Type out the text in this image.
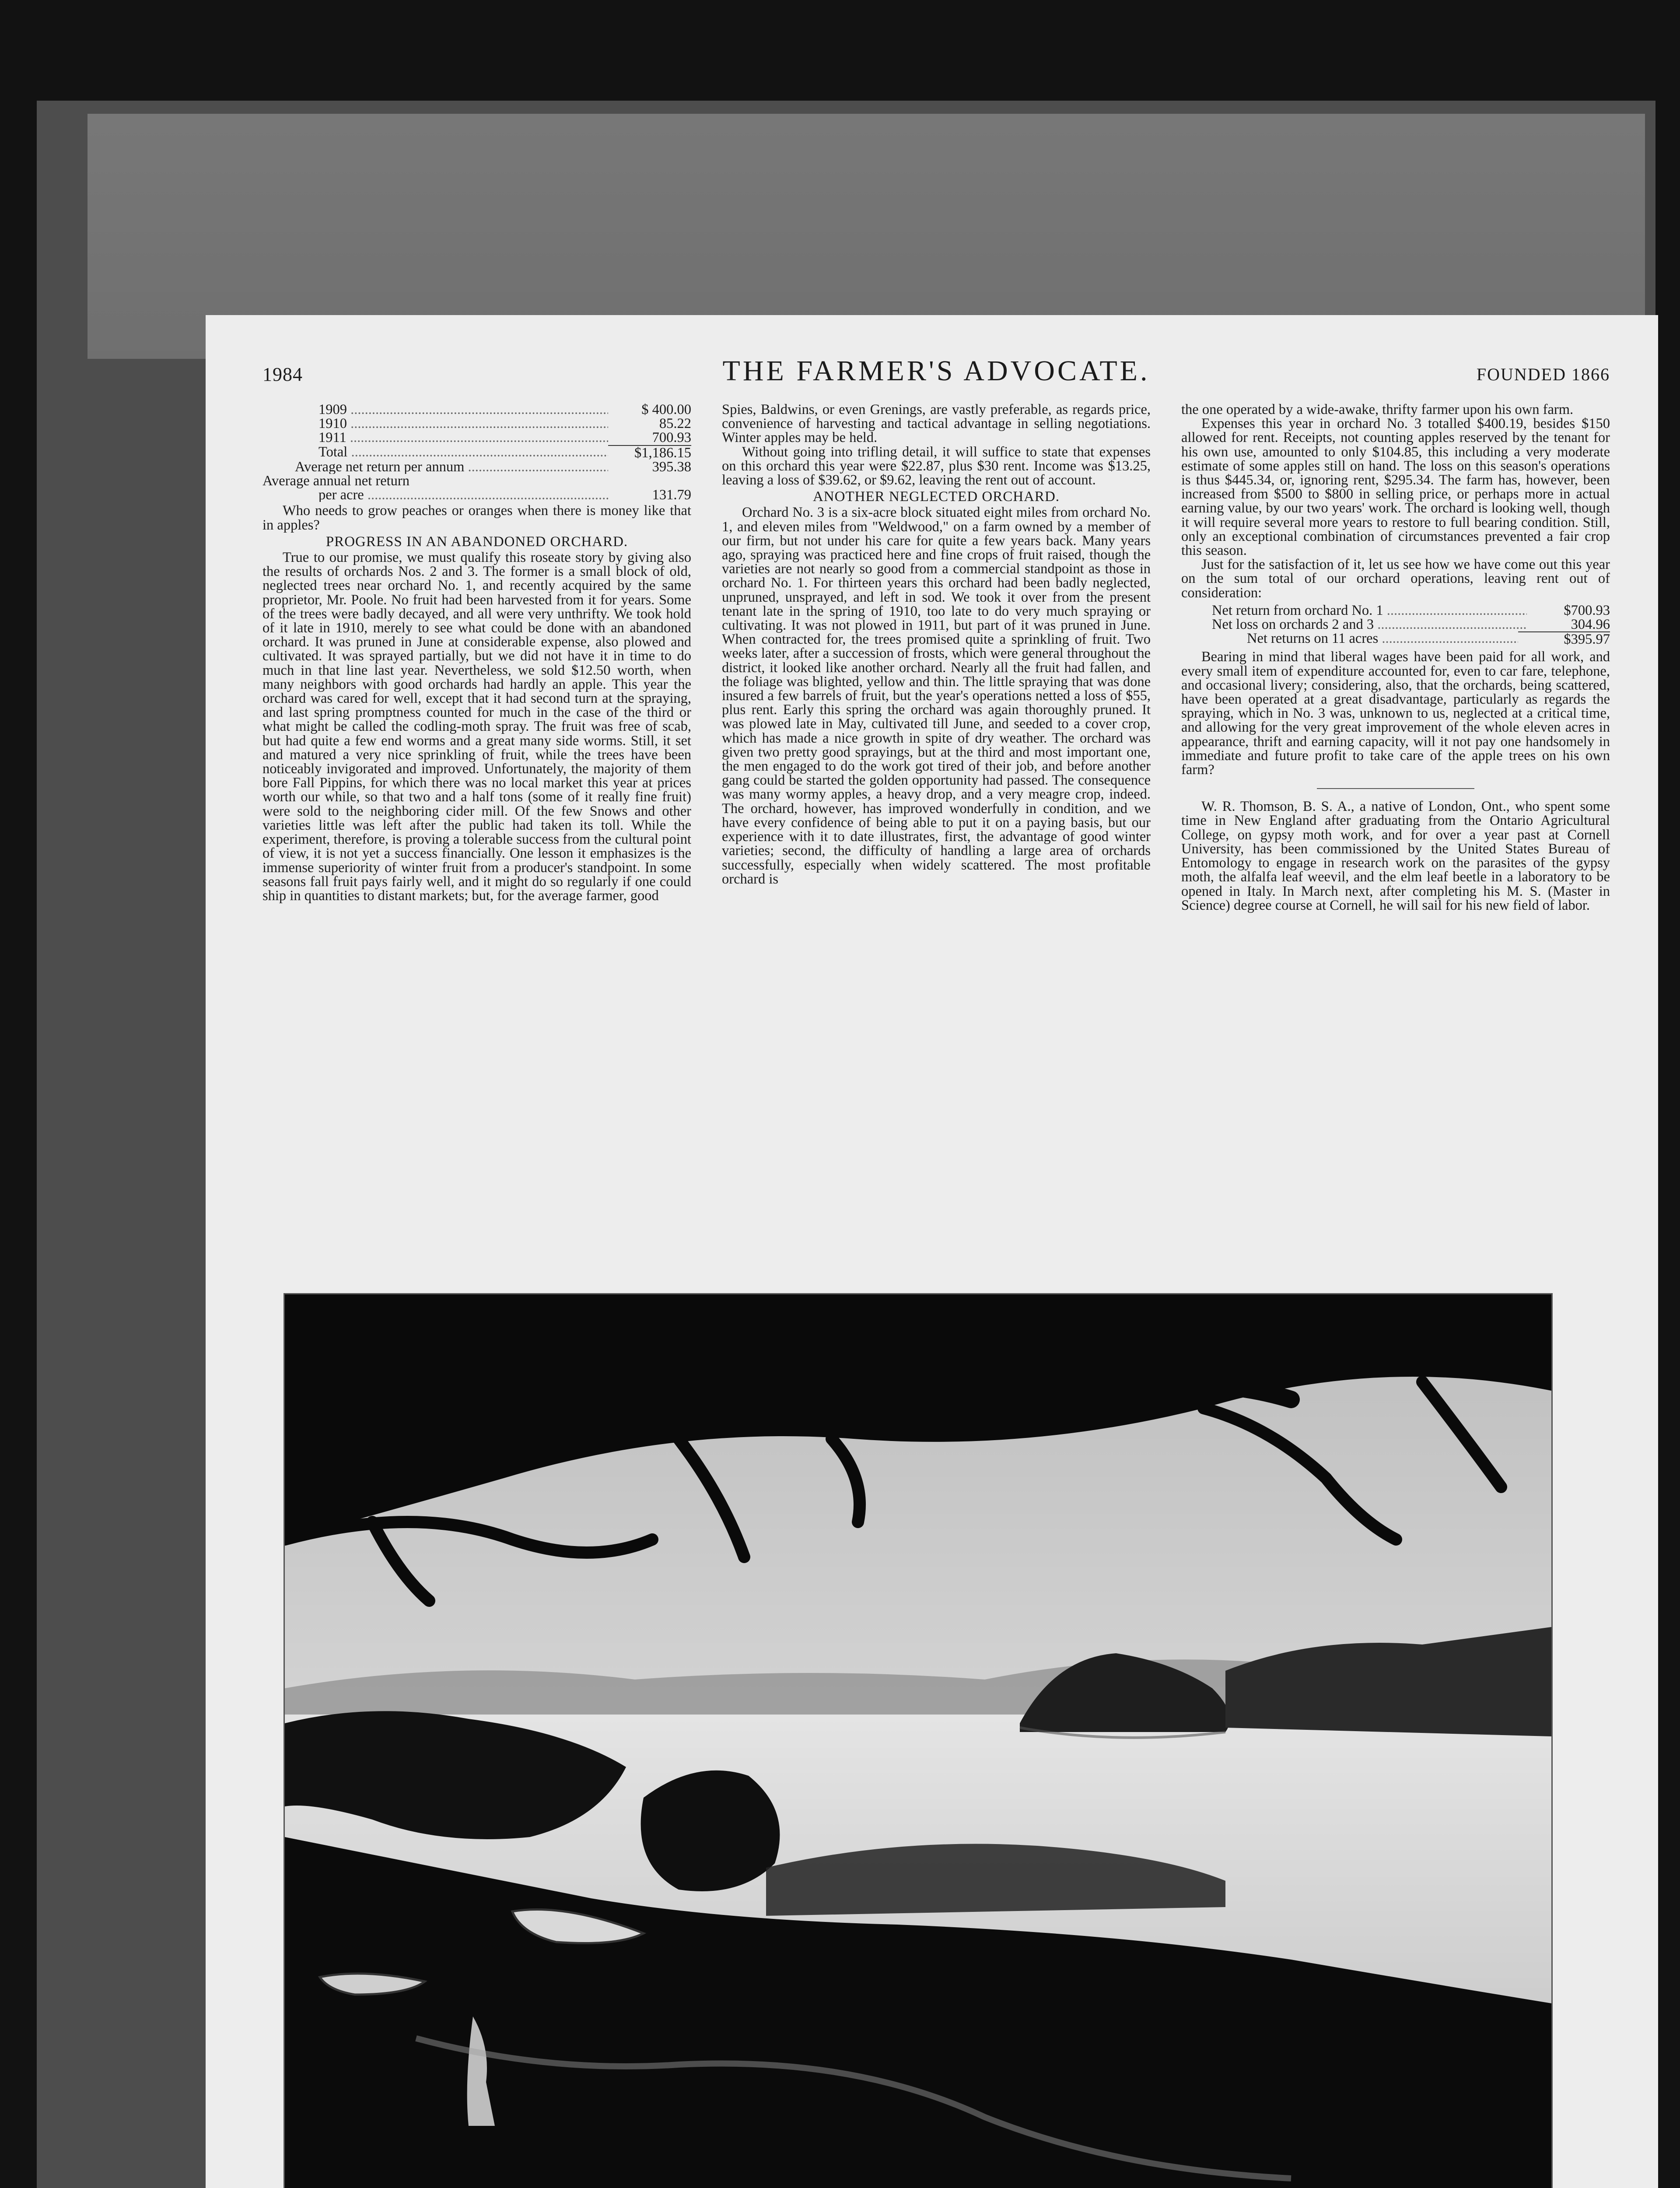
1984	THE FARMER'S ADVOCATE.	FOUNDED 1866
1909 .....	$ 400.00
1910 .....	85.22
1911 .....	700.93
Total .....	$1,186.15
Average net return per annum .....	395.38
Average annual net return
per acre .....	131.79

Who needs to grow peaches or oranges when there is money like that in apples?

PROGRESS IN AN ABANDONED ORCHARD.

True to our promise, we must qualify this roseate story by giving also the results of orchards Nos. 2 and 3. The former is a small block of old, neglected trees near orchard No. 1, and recently acquired by the same proprietor, Mr. Poole. No fruit had been harvested from it for years. Some of the trees were badly decayed, and all were very unthrifty. We took hold of it late in 1910, merely to see what could be done with an abandoned orchard. It was pruned in June at considerable expense, also plowed and cultivated. It was sprayed partially, but we did not have it in time to do much in that line last year. Nevertheless, we sold $12.50 worth, when many neighbors with good orchards had hardly an apple. This year the orchard was cared for well, except that it had second turn at the spraying, and last spring promptness counted for much in the case of the third or what might be called the codling-moth spray. The fruit was free of scab, but had quite a few end worms and a great many side worms. Still, it set and matured a very nice sprinkling of fruit, while the trees have been noticeably invigorated and improved. Unfortunately, the majority of them bore Fall Pippins, for which there was no local market this year at prices worth our while, so that two and a half tons (some of it really fine fruit) were sold to the neighboring cider mill. Of the few Snows and other varieties little was left after the public had taken its toll. While the experiment, therefore, is proving a tolerable success from the cultural point of view, it is not yet a success financially. One lesson it emphasizes is the immense superiority of winter fruit from a producer's standpoint. In some seasons fall fruit pays fairly well, and it might do so regularly if one could ship in quantities to distant markets; but, for the average farmer, good

Spies, Baldwins, or even Grenings, are vastly preferable, as regards price, convenience of harvesting and tactical advantage in selling negotiations. Winter apples may be held.

Without going into trifling detail, it will suffice to state that expenses on this orchard this year were $22.87, plus $30 rent. Income was $13.25, leaving a loss of $39.62, or $9.62, leaving the rent out of account.

ANOTHER NEGLECTED ORCHARD.

Orchard No. 3 is a six-acre block situated eight miles from orchard No. 1, and eleven miles from "Weldwood," on a farm owned by a member of our firm, but not under his care for quite a few years back. Many years ago, spraying was practiced here and fine crops of fruit raised, though the varieties are not nearly so good from a commercial standpoint as those in orchard No. 1. For thirteen years this orchard had been badly neglected, unpruned, unsprayed, and left in sod. We took it over from the present tenant late in the spring of 1910, too late to do very much spraying or cultivating. It was not plowed in 1911, but part of it was pruned in June. When contracted for, the trees promised quite a sprinkling of fruit. Two weeks later, after a succession of frosts, which were general throughout the district, it looked like another orchard. Nearly all the fruit had fallen, and the foliage was blighted, yellow and thin. The little spraying that was done insured a few barrels of fruit, but the year's operations netted a loss of $55, plus rent. Early this spring the orchard was again thoroughly pruned. It was plowed late in May, cultivated till June, and seeded to a cover crop, which has made a nice growth in spite of dry weather. The orchard was given two pretty good sprayings, but at the third and most important one, the men engaged to do the work got tired of their job, and before another gang could be started the golden opportunity had passed. The consequence was many wormy apples, a heavy drop, and a very meagre crop, indeed. The orchard, however, has improved wonderfully in condition, and we have every confidence of being able to put it on a paying basis, but our experience with it to date illustrates, first, the advantage of good winter varieties; second, the difficulty of handling a large area of orchards successfully, especially when widely scattered. The most profitable orchard is

the one operated by a wide-awake, thrifty farmer upon his own farm.

Expenses this year in orchard No. 3 totalled $400.19, besides $150 allowed for rent. Receipts, not counting apples reserved by the tenant for his own use, amounted to only $104.85, this including a very moderate estimate of some apples still on hand. The loss on this season's operations is thus $445.34, or, ignoring rent, $295.34. The farm has, however, been increased from $500 to $800 in selling price, or perhaps more in actual earning value, by our two years' work. The orchard is looking well, though it will require several more years to restore to full bearing condition. Still, only an exceptional combination of circumstances prevented a fair crop this season.

Just for the satisfaction of it, let us see how we have come out this year on the sum total of our orchard operations, leaving rent out of consideration:

Net return from orchard No. 1 .....	$700.93
Net loss on orchards 2 and 3 .....	304.96
Net returns on 11 acres .....	$395.97

Bearing in mind that liberal wages have been paid for all work, and every small item of expenditure accounted for, even to car fare, telephone, and occasional livery; considering, also, that the orchards, being scattered, have been operated at a great disadvantage, particularly as regards the spraying, which in No. 3 was, unknown to us, neglected at a critical time, and allowing for the very great improvement of the whole eleven acres in appearance, thrift and earning capacity, will it not pay one handsomely in immediate and future profit to take care of the apple trees on his own farm?

W. R. Thomson, B. S. A., a native of London, Ont., who spent some time in New England after graduating from the Ontario Agricultural College, on gypsy moth work, and for over a year past at Cornell University, has been commissioned by the United States Bureau of Entomology to engage in research work on the parasites of the gypsy moth, the alfalfa leaf weevil, and the elm leaf beetle in a laboratory to be opened in Italy. In March next, after completing his M. S. (Master in Science) degree course at Cornell, he will sail for his new field of labor.
